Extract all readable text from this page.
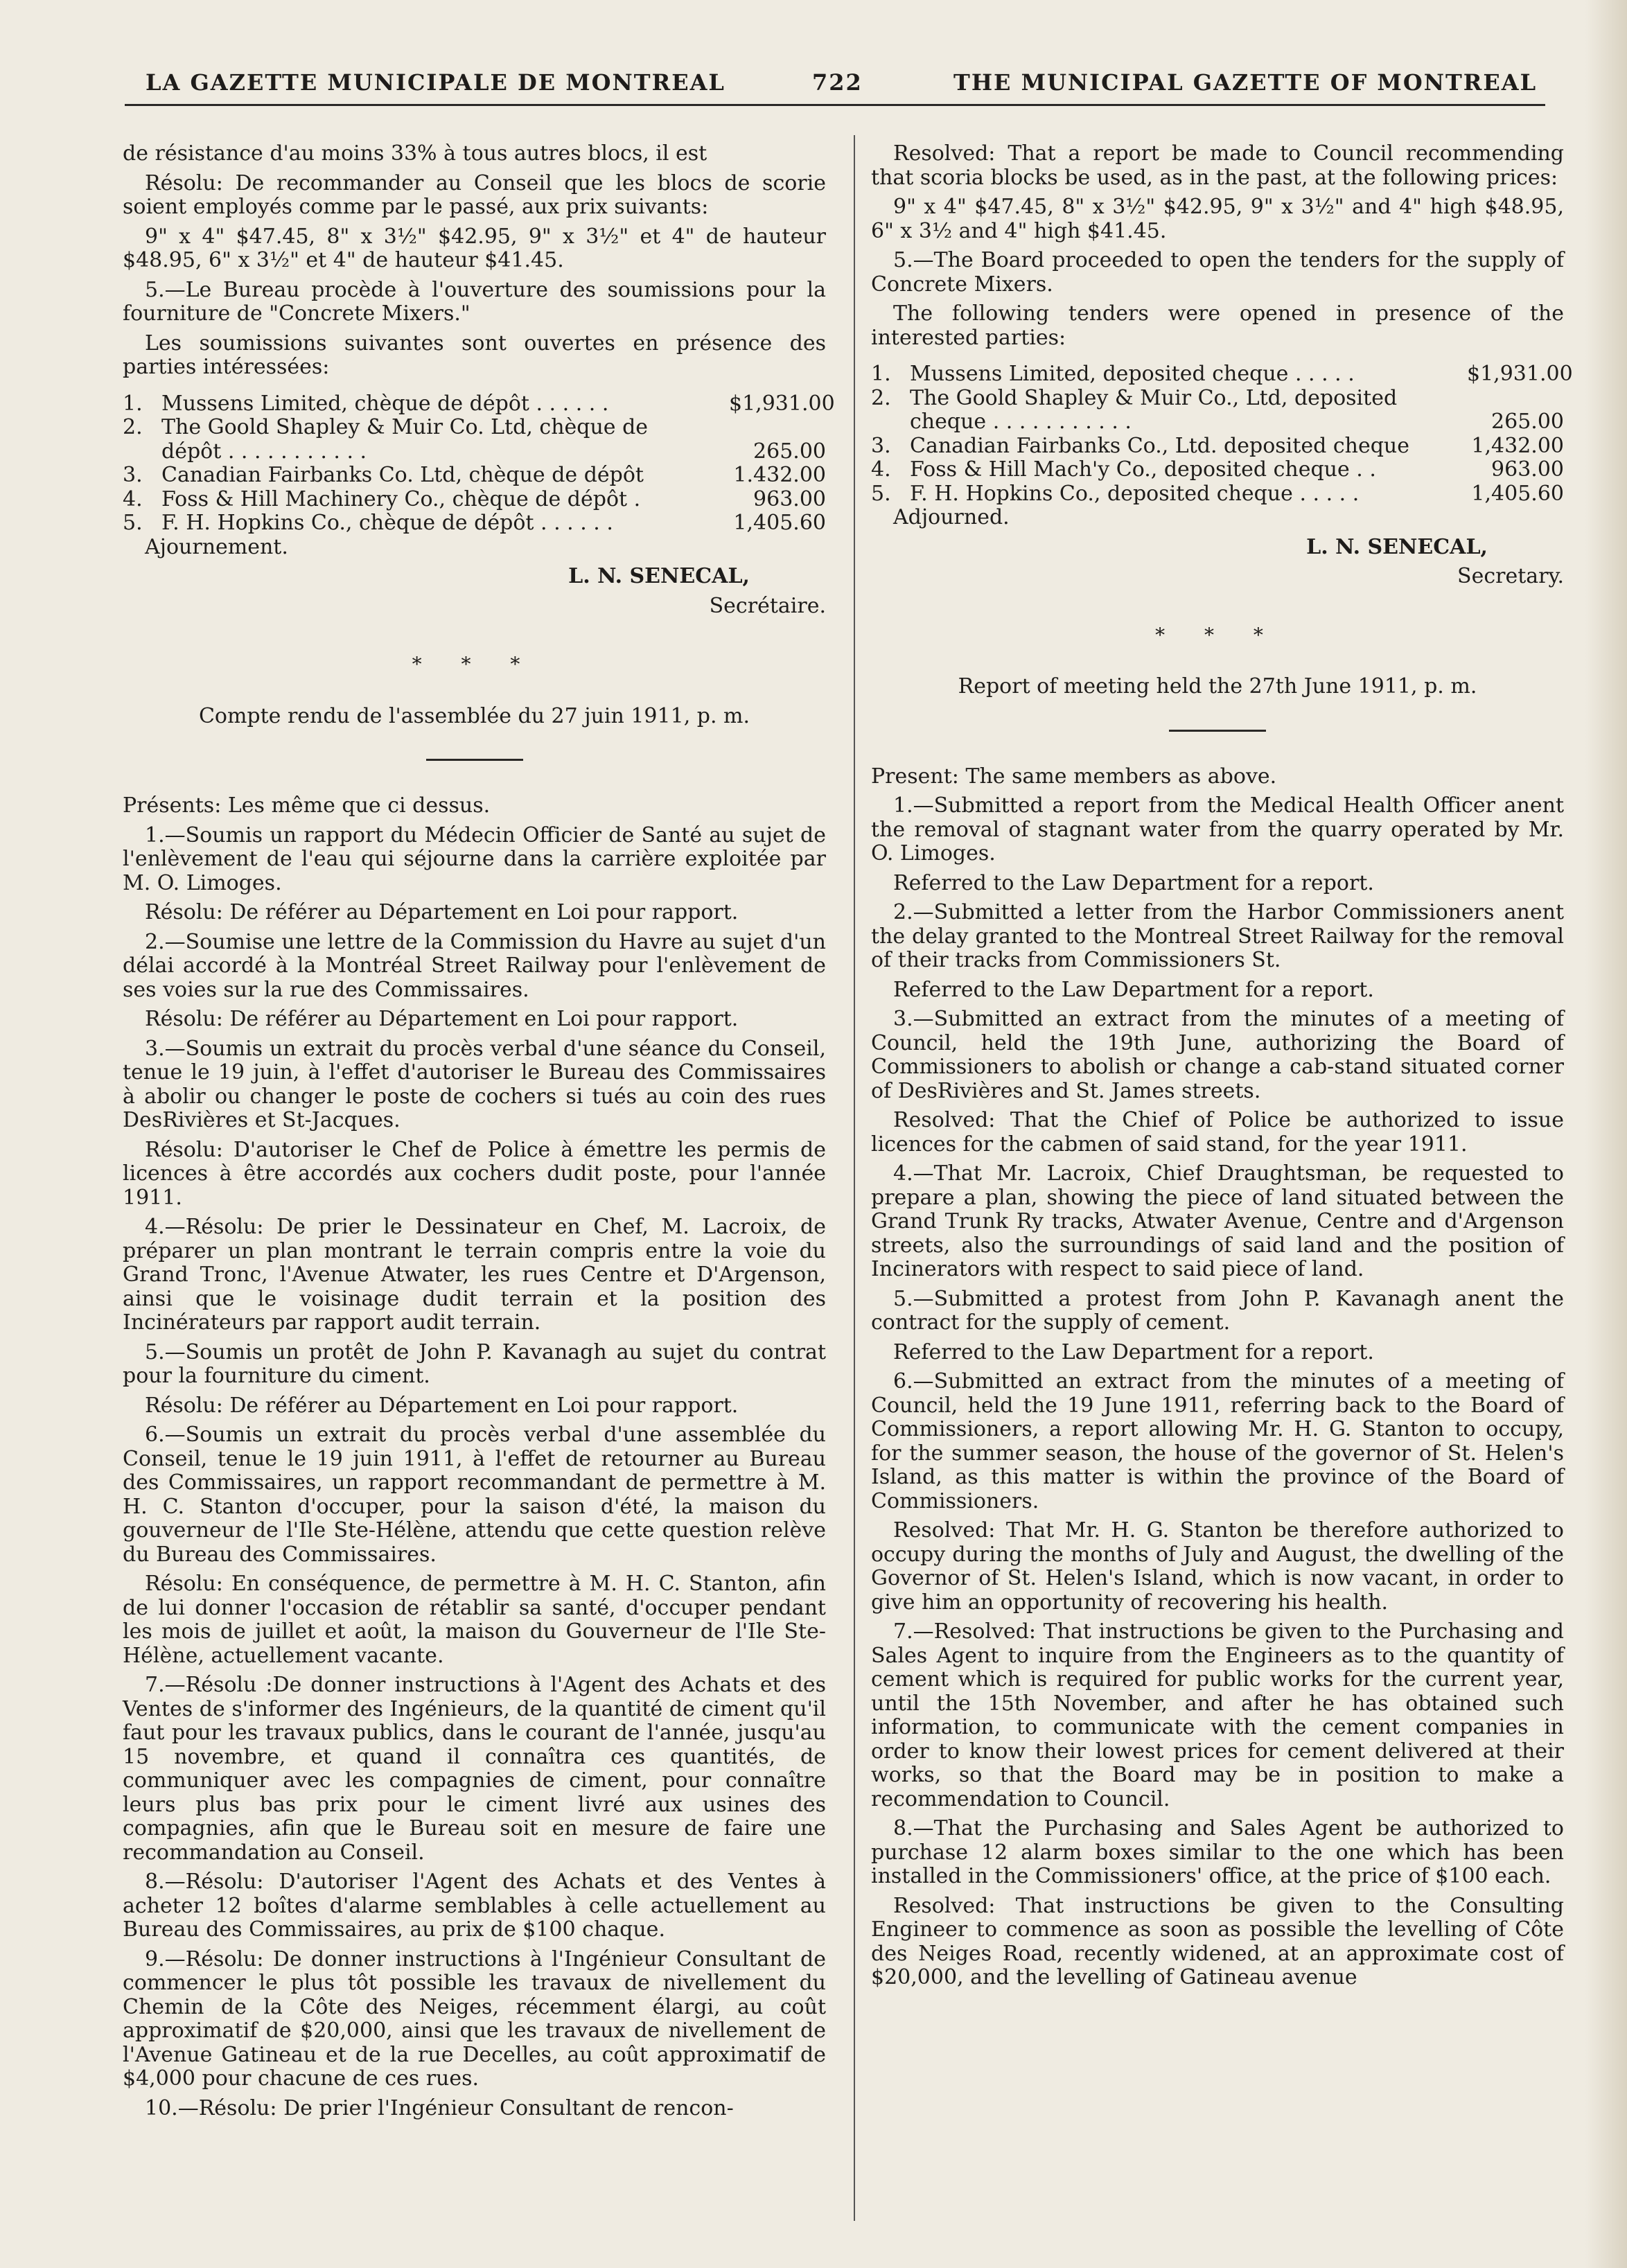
LA GAZETTE MUNICIPALE DE MONTREAL	722	THE MUNICIPAL GAZETTE OF MONTREAL

de résistance d'au moins 33% à tous autres blocs, il est

Résolu: De recommander au Conseil que les blocs de scorie soient employés comme par le passé, aux prix suivants:

9" x 4" $47.45, 8" x 3½" $42.95, 9" x 3½" et 4" de hauteur $48.95, 6" x 3½" et 4" de hauteur $41.45.

5.—Le Bureau procède à l'ouverture des soumissions pour la fourniture de "Concrete Mixers."

Les soumissions suivantes sont ouvertes en présence des parties intéressées:

1. Mussens Limited, chèque de dépôt . . . . . .	$1,931.00
2. The Goold Shapley & Muir Co. Ltd, chèque de
dépôt . . . . . . . . . . .	265.00
3. Canadian Fairbanks Co. Ltd, chèque de dépôt	1.432.00
4. Foss & Hill Machinery Co., chèque de dépôt .	963.00
5. F. H. Hopkins Co., chèque de dépôt . . . . . .	1,405.60

Ajournement.

L. N. SENECAL,
Secrétaire.
* * *
Compte rendu de l'assemblée du 27 juin 1911, p. m.

Présents: Les même que ci dessus.

1.—Soumis un rapport du Médecin Officier de Santé au sujet de l'enlèvement de l'eau qui séjourne dans la carrière exploitée par M. O. Limoges.

Résolu: De référer au Département en Loi pour rapport.

2.—Soumise une lettre de la Commission du Havre au sujet d'un délai accordé à la Montréal Street Railway pour l'enlèvement de ses voies sur la rue des Commissaires.

Résolu: De référer au Département en Loi pour rapport.

3.—Soumis un extrait du procès verbal d'une séance du Conseil, tenue le 19 juin, à l'effet d'autoriser le Bureau des Commissaires à abolir ou changer le poste de cochers si tués au coin des rues DesRivières et St-Jacques.

Résolu: D'autoriser le Chef de Police à émettre les permis de licences à être accordés aux cochers dudit poste, pour l'année 1911.

4.—Résolu: De prier le Dessinateur en Chef, M. Lacroix, de préparer un plan montrant le terrain compris entre la voie du Grand Tronc, l'Avenue Atwater, les rues Centre et D'Argenson, ainsi que le voisinage dudit terrain et la position des Incinérateurs par rapport audit terrain.

5.—Soumis un protêt de John P. Kavanagh au sujet du contrat pour la fourniture du ciment.

Résolu: De référer au Département en Loi pour rapport.

6.—Soumis un extrait du procès verbal d'une assemblée du Conseil, tenue le 19 juin 1911, à l'effet de retourner au Bureau des Commissaires, un rapport recommandant de permettre à M. H. C. Stanton d'occuper, pour la saison d'été, la maison du gouverneur de l'Ile Ste-Hélène, attendu que cette question relève du Bureau des Commissaires.

Résolu: En conséquence, de permettre à M. H. C. Stanton, afin de lui donner l'occasion de rétablir sa santé, d'occuper pendant les mois de juillet et août, la maison du Gouverneur de l'Ile Ste-Hélène, actuellement vacante.

7.—Résolu :De donner instructions à l'Agent des Achats et des Ventes de s'informer des Ingénieurs, de la quantité de ciment qu'il faut pour les travaux publics, dans le courant de l'année, jusqu'au 15 novembre, et quand il connaîtra ces quantités, de communiquer avec les compagnies de ciment, pour connaître leurs plus bas prix pour le ciment livré aux usines des compagnies, afin que le Bureau soit en mesure de faire une recommandation au Conseil.

8.—Résolu: D'autoriser l'Agent des Achats et des Ventes à acheter 12 boîtes d'alarme semblables à celle actuellement au Bureau des Commissaires, au prix de $100 chaque.

9.—Résolu: De donner instructions à l'Ingénieur Consultant de commencer le plus tôt possible les travaux de nivellement du Chemin de la Côte des Neiges, récemment élargi, au coût approximatif de $20,000, ainsi que les travaux de nivellement de l'Avenue Gatineau et de la rue Decelles, au coût approximatif de $4,000 pour chacune de ces rues.

10.—Résolu: De prier l'Ingénieur Consultant de rencon-

Resolved: That a report be made to Council recommending that scoria blocks be used, as in the past, at the following prices:

9" x 4" $47.45, 8" x 3½" $42.95, 9" x 3½" and 4" high $48.95, 6" x 3½ and 4" high $41.45.

5.—The Board proceeded to open the tenders for the supply of Concrete Mixers.

The following tenders were opened in presence of the interested parties:

1. Mussens Limited, deposited cheque . . . . .	$1,931.00
2. The Goold Shapley & Muir Co., Ltd, deposited
cheque . . . . . . . . . . .	265.00
3. Canadian Fairbanks Co., Ltd. deposited cheque	1,432.00
4. Foss & Hill Mach'y Co., deposited cheque . .	963.00
5. F. H. Hopkins Co., deposited cheque . . . . .	1,405.60

Adjourned.

L. N. SENECAL,
Secretary.
* * *
Report of meeting held the 27th June 1911, p. m.

Present: The same members as above.

1.—Submitted a report from the Medical Health Officer anent the removal of stagnant water from the quarry operated by Mr. O. Limoges.

Referred to the Law Department for a report.

2.—Submitted a letter from the Harbor Commissioners anent the delay granted to the Montreal Street Railway for the removal of their tracks from Commissioners St.

Referred to the Law Department for a report.

3.—Submitted an extract from the minutes of a meeting of Council, held the 19th June, authorizing the Board of Commissioners to abolish or change a cab-stand situated corner of DesRivières and St. James streets.

Resolved: That the Chief of Police be authorized to issue licences for the cabmen of said stand, for the year 1911.

4.—That Mr. Lacroix, Chief Draughtsman, be requested to prepare a plan, showing the piece of land situated between the Grand Trunk Ry tracks, Atwater Avenue, Centre and d'Argenson streets, also the surroundings of said land and the position of Incinerators with respect to said piece of land.

5.—Submitted a protest from John P. Kavanagh anent the contract for the supply of cement.

Referred to the Law Department for a report.

6.—Submitted an extract from the minutes of a meeting of Council, held the 19 June 1911, referring back to the Board of Commissioners, a report allowing Mr. H. G. Stanton to occupy, for the summer season, the house of the governor of St. Helen's Island, as this matter is within the province of the Board of Commissioners.

Resolved: That Mr. H. G. Stanton be therefore authorized to occupy during the months of July and August, the dwelling of the Governor of St. Helen's Island, which is now vacant, in order to give him an opportunity of recovering his health.

7.—Resolved: That instructions be given to the Purchasing and Sales Agent to inquire from the Engineers as to the quantity of cement which is required for public works for the current year, until the 15th November, and after he has obtained such information, to communicate with the cement companies in order to know their lowest prices for cement delivered at their works, so that the Board may be in position to make a recommendation to Council.

8.—That the Purchasing and Sales Agent be authorized to purchase 12 alarm boxes similar to the one which has been installed in the Commissioners' office, at the price of $100 each.

Resolved: That instructions be given to the Consulting Engineer to commence as soon as possible the levelling of Côte des Neiges Road, recently widened, at an approximate cost of $20,000, and the levelling of Gatineau avenue
